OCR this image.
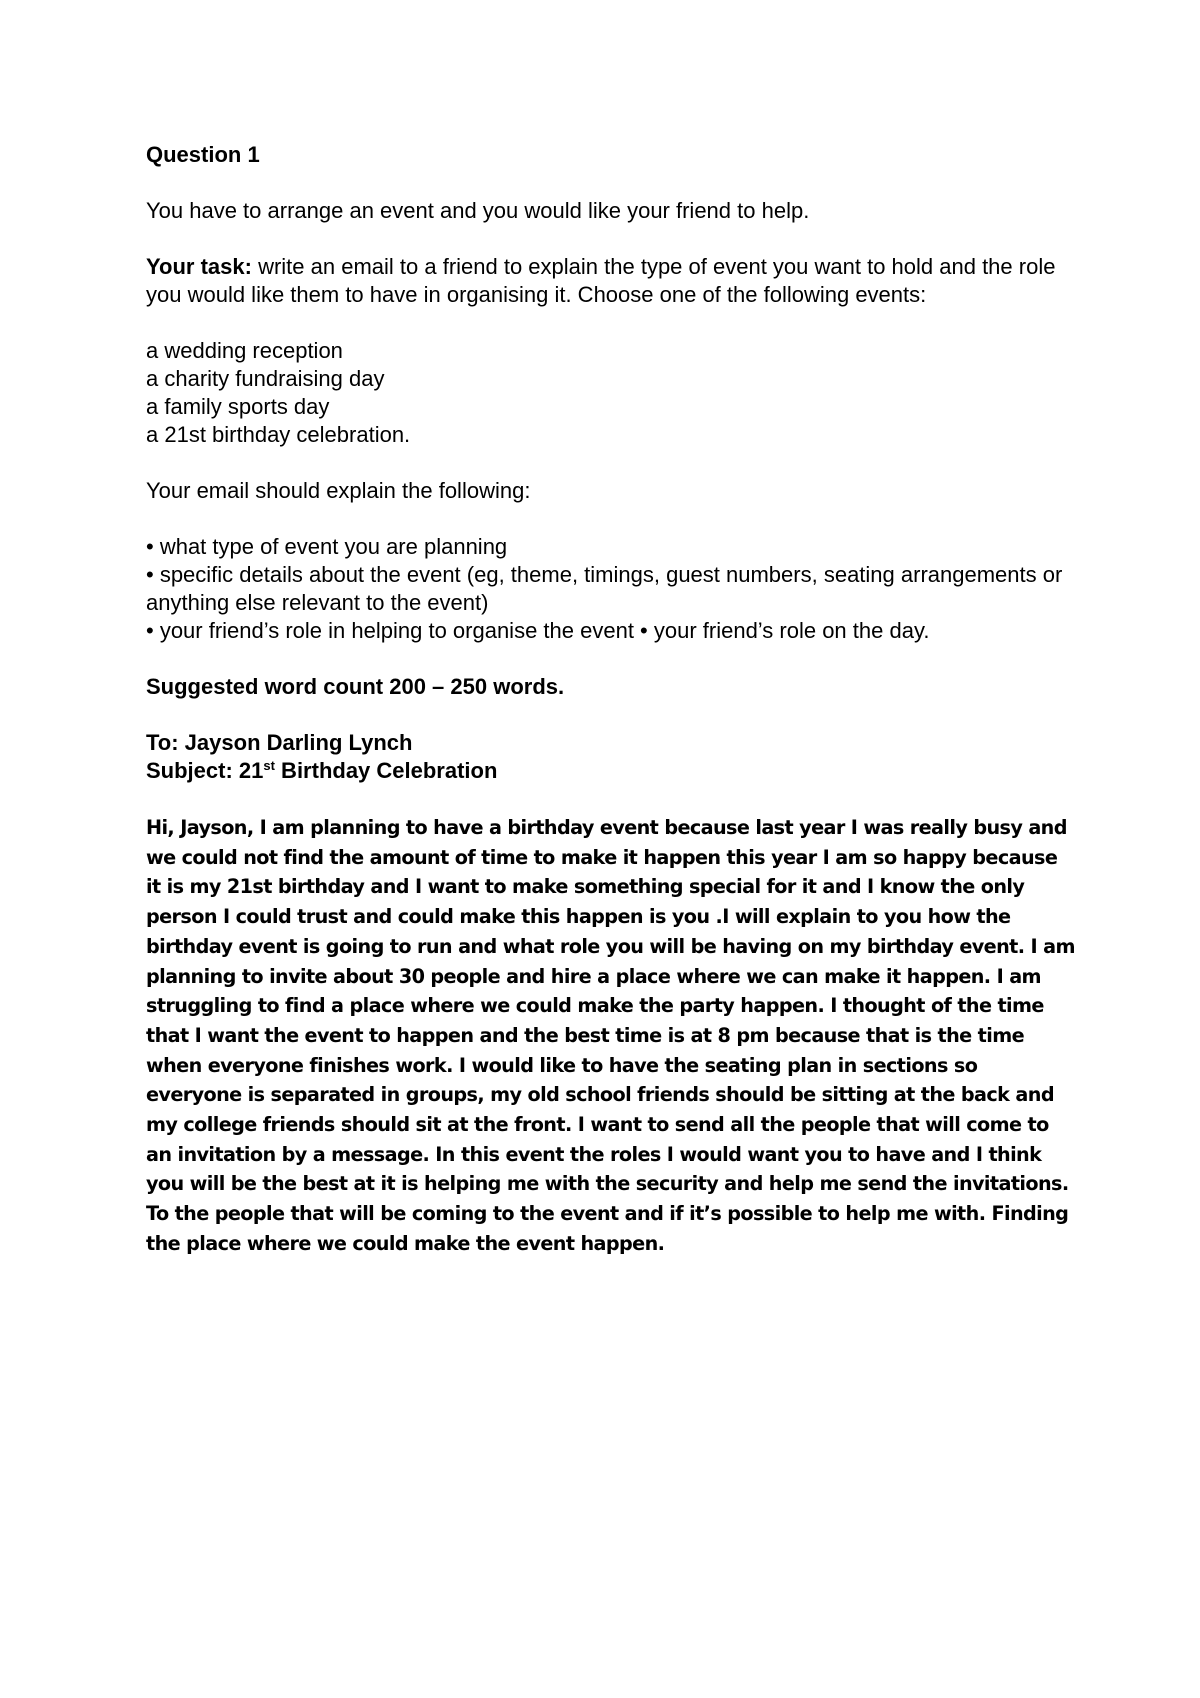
Question 1

You have to arrange an event and you would like your friend to help.

Your task: write an email to a friend to explain the type of event you want to hold and the role you would like them to have in organising it. Choose one of the following events:

a wedding reception
a charity fundraising day
a family sports day
a 21st birthday celebration.

Your email should explain the following:

• what type of event you are planning
• specific details about the event (eg, theme, timings, guest numbers, seating arrangements or anything else relevant to the event)
• your friend’s role in helping to organise the event • your friend’s role on the day.

Suggested word count 200 – 250 words.

To: Jayson Darling Lynch
Subject: 21st Birthday Celebration
Hi, Jayson, I am planning to have a birthday event because last year I was really busy and we could not find the amount of time to make it happen this year I am so happy because it is my 21st birthday and I want to make something special for it and I know the only person I could trust and could make this happen is you .I will explain to you how the birthday event is going to run and what role you will be having on my birthday event. I am planning to invite about 30 people and hire a place where we can make it happen. I am struggling to find a place where we could make the party happen. I thought of the time that I want the event to happen and the best time is at 8 pm because that is the time when everyone finishes work. I would like to have the seating plan in sections so everyone is separated in groups, my old school friends should be sitting at the back and my college friends should sit at the front. I want to send all the people that will come to an invitation by a message. In this event the roles I would want you to have and I think you will be the best at it is helping me with the security and help me send the invitations. To the people that will be coming to the event and if it’s possible to help me with. Finding the place where we could make the event happen.
